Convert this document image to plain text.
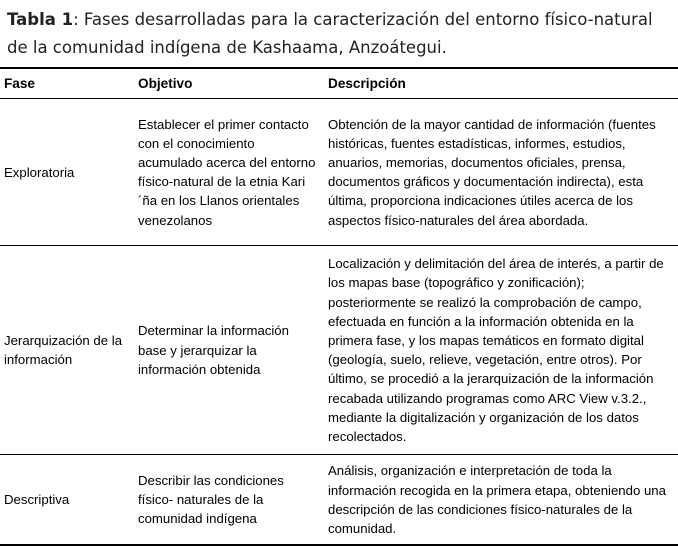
Tabla 1: Fases desarrolladas para la caracterización del entorno físico-natural de la comunidad indígena de Kashaama, Anzoátegui.
Fase	Objetivo	Descripción
Exploratoria	Establecer el primer contacto con el conocimiento acumulado acerca del entorno físico-natural de la etnia Kari´ña en los Llanos orientales venezolanos	Obtención de la mayor cantidad de información (fuentes históricas, fuentes estadísticas, informes, estudios, anuarios, memorias, documentos oficiales, prensa, documentos gráficos y documentación indirecta), esta última, proporciona indicaciones útiles acerca de los aspectos físico-naturales del área abordada.
Jerarquización de la información	Determinar la información base y jerarquizar la información obtenida	Localización y delimitación del área de interés, a partir de los mapas base (topográfico y zonificación); posteriormente se realizó la comprobación de campo, efectuada en función a la información obtenida en la primera fase, y los mapas temáticos en formato digital (geología, suelo, relieve, vegetación, entre otros). Por último, se procedió a la jerarquización de la información recabada utilizando programas como ARC View v.3.2., mediante la digitalización y organización de los datos recolectados.
Descriptiva	Describir las condiciones físico- naturales de la comunidad indígena	Análisis, organización e interpretación de toda la información recogida en la primera etapa, obteniendo una descripción de las condiciones físico-naturales de la comunidad.
